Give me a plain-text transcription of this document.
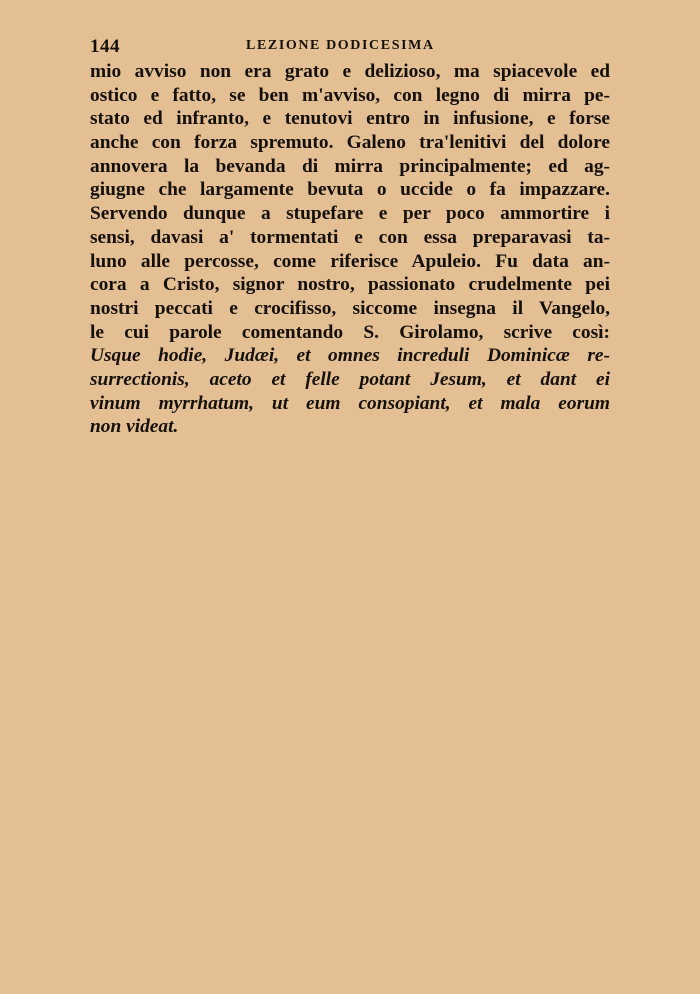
144	LEZIONE DODICESIMA
mio avviso non era grato e delizioso, ma spiacevole ed
ostico e fatto, se ben m'avviso, con legno di mirra pe-
stato ed infranto, e tenutovi entro in infusione, e forse
anche con forza spremuto. Galeno tra'lenitivi del dolore
annovera la bevanda di mirra principalmente; ed ag-
giugne che largamente bevuta o uccide o fa impazzare.
Servendo dunque a stupefare e per poco ammortire i
sensi, davasi a' tormentati e con essa preparavasi ta-
luno alle percosse, come riferisce Apuleio. Fu data an-
cora a Cristo, signor nostro, passionato crudelmente pei
nostri peccati e crocifisso, siccome insegna il Vangelo,
le cui parole comentando S. Girolamo, scrive così:
Usque hodie, Judæi, et omnes increduli Dominicæ re-
surrectionis, aceto et felle potant Jesum, et dant ei
vinum myrrhatum, ut eum consopiant, et mala eorum
non videat.
